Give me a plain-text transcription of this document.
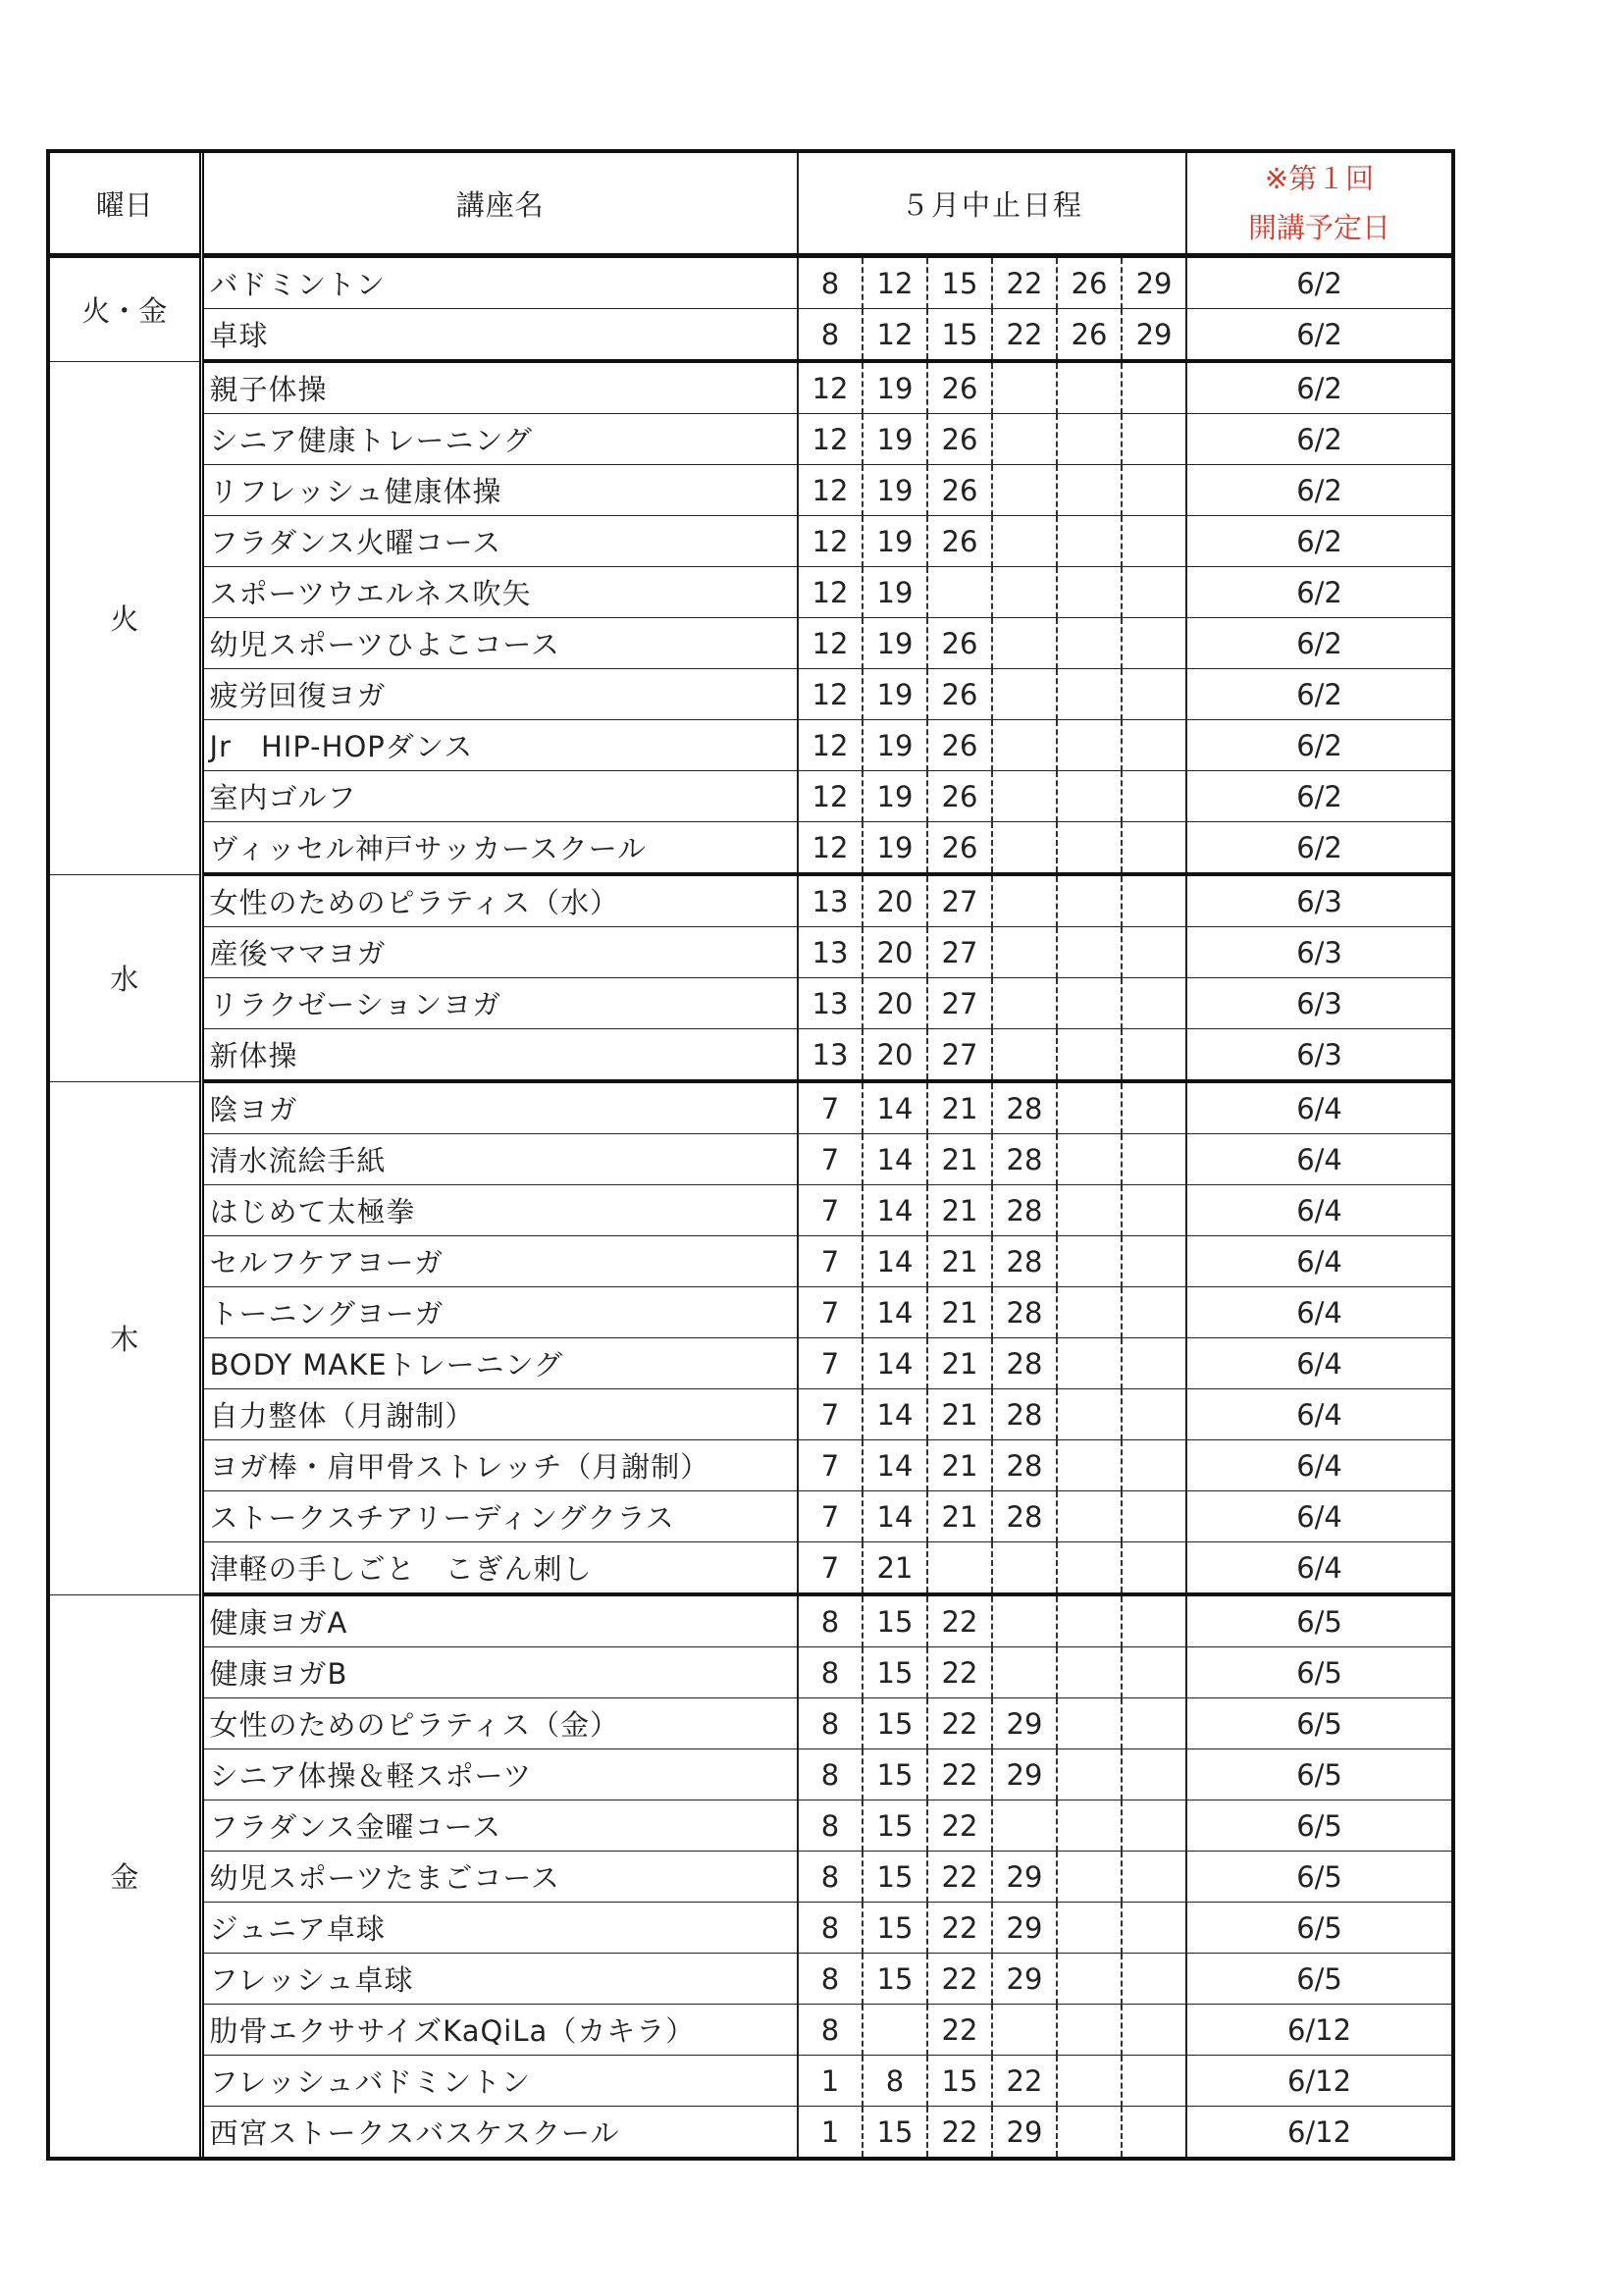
曜日	講座名	５月中止日程						※第１回
開講予定日

火・金	バドミントン	8	12	15	22	26	29	6/2
	卓球	8	12	15	22	26	29	6/2
火	親子体操	12	19	26				6/2
	シニア健康トレーニング	12	19	26				6/2
	リフレッシュ健康体操	12	19	26				6/2
	フラダンス火曜コース	12	19	26				6/2
	スポーツウエルネス吹矢	12	19					6/2
	幼児スポーツひよこコース	12	19	26				6/2
	疲労回復ヨガ	12	19	26				6/2
	Jr　HIP-HOPダンス	12	19	26				6/2
	室内ゴルフ	12	19	26				6/2
	ヴィッセル神戸サッカースクール	12	19	26				6/2
水	女性のためのピラティス（水）	13	20	27				6/3
	産後ママヨガ	13	20	27				6/3
	リラクゼーションヨガ	13	20	27				6/3
	新体操	13	20	27				6/3
木	陰ヨガ	7	14	21	28			6/4
	清水流絵手紙	7	14	21	28			6/4
	はじめて太極拳	7	14	21	28			6/4
	セルフケアヨーガ	7	14	21	28			6/4
	トーニングヨーガ	7	14	21	28			6/4
	BODY MAKEトレーニング	7	14	21	28			6/4
	自力整体（月謝制）	7	14	21	28			6/4
	ヨガ棒・肩甲骨ストレッチ（月謝制）	7	14	21	28			6/4
	ストークスチアリーディングクラス	7	14	21	28			6/4
	津軽の手しごと　こぎん刺し	7	21					6/4
金	健康ヨガA	8	15	22				6/5
	健康ヨガB	8	15	22				6/5
	女性のためのピラティス（金）	8	15	22	29			6/5
	シニア体操＆軽スポーツ	8	15	22	29			6/5
	フラダンス金曜コース	8	15	22				6/5
	幼児スポーツたまごコース	8	15	22	29			6/5
	ジュニア卓球	8	15	22	29			6/5
	フレッシュ卓球	8	15	22	29			6/5
	肋骨エクササイズKaQiLa（カキラ）	8		22				6/12
	フレッシュバドミントン	1	8	15	22			6/12
	西宮ストークスバスケスクール	1	15	22	29			6/12
